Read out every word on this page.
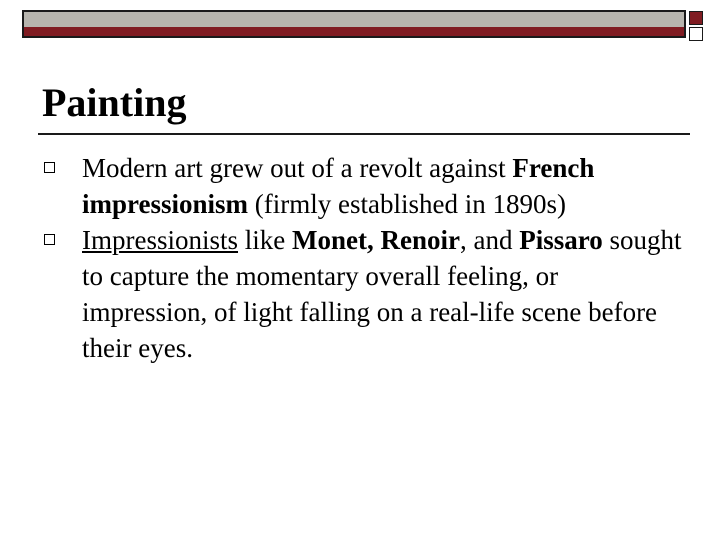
Painting
Modern art grew out of a revolt against French impressionism (firmly established in 1890s)
Impressionists like Monet, Renoir, and Pissaro sought to capture the momentary overall feeling, or impression, of light falling on a real-life scene before their eyes.
